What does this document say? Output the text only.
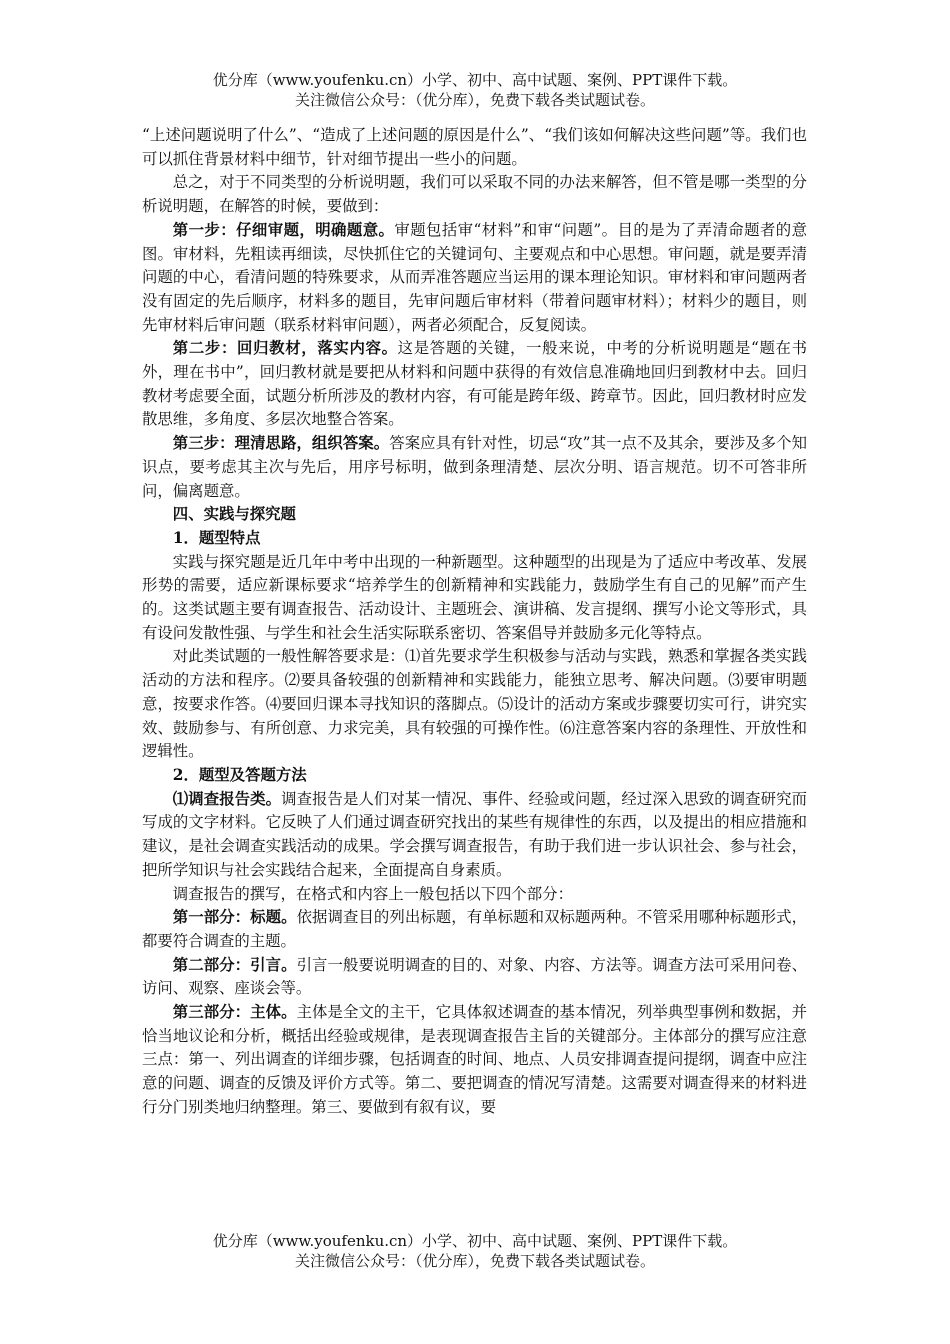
优分库（www.youfenku.cn）小学、初中、高中试题、案例、PPT课件下载。
关注微信公众号：（优分库），免费下载各类试题试卷。

“上述问题说明了什么”、“造成了上述问题的原因是什么”、“我们该如何解决这些问题”等。我们也可以抓住背景材料中细节，针对细节提出一些小的问题。

总之，对于不同类型的分析说明题，我们可以采取不同的办法来解答，但不管是哪一类型的分析说明题，在解答的时候，要做到：

第一步：仔细审题，明确题意。审题包括审“材料”和审“问题”。目的是为了弄清命题者的意图。审材料，先粗读再细读，尽快抓住它的关键词句、主要观点和中心思想。审问题，就是要弄清问题的中心，看清问题的特殊要求，从而弄准答题应当运用的课本理论知识。审材料和审问题两者没有固定的先后顺序，材料多的题目，先审问题后审材料（带着问题审材料）；材料少的题目，则先审材料后审问题（联系材料审问题），两者必须配合，反复阅读。

第二步：回归教材，落实内容。这是答题的关键，一般来说，中考的分析说明题是“题在书外，理在书中”，回归教材就是要把从材料和问题中获得的有效信息准确地回归到教材中去。回归教材考虑要全面，试题分析所涉及的教材内容，有可能是跨年级、跨章节。因此，回归教材时应发散思维，多角度、多层次地整合答案。

第三步：理清思路，组织答案。答案应具有针对性，切忌“攻”其一点不及其余，要涉及多个知识点，要考虑其主次与先后，用序号标明，做到条理清楚、层次分明、语言规范。切不可答非所问，偏离题意。

四、实践与探究题

1．题型特点

实践与探究题是近几年中考中出现的一种新题型。这种题型的出现是为了适应中考改革、发展形势的需要，适应新课标要求“培养学生的创新精神和实践能力，鼓励学生有自己的见解”而产生的。这类试题主要有调查报告、活动设计、主题班会、演讲稿、发言提纲、撰写小论文等形式，具有设问发散性强、与学生和社会生活实际联系密切、答案倡导并鼓励多元化等特点。

对此类试题的一般性解答要求是：⑴首先要求学生积极参与活动与实践，熟悉和掌握各类实践活动的方法和程序。⑵要具备较强的创新精神和实践能力，能独立思考、解决问题。⑶要审明题意，按要求作答。⑷要回归课本寻找知识的落脚点。⑸设计的活动方案或步骤要切实可行，讲究实效、鼓励参与、有所创意、力求完美，具有较强的可操作性。⑹注意答案内容的条理性、开放性和逻辑性。

2．题型及答题方法

⑴调查报告类。调查报告是人们对某一情况、事件、经验或问题，经过深入思致的调查研究而写成的文字材料。它反映了人们通过调查研究找出的某些有规律性的东西，以及提出的相应措施和建议，是社会调查实践活动的成果。学会撰写调查报告，有助于我们进一步认识社会、参与社会，把所学知识与社会实践结合起来，全面提高自身素质。

调查报告的撰写，在格式和内容上一般包括以下四个部分：

第一部分：标题。依据调查目的列出标题，有单标题和双标题两种。不管采用哪种标题形式，都要符合调查的主题。

第二部分：引言。引言一般要说明调查的目的、对象、内容、方法等。调查方法可采用问卷、访问、观察、座谈会等。

第三部分：主体。主体是全文的主干，它具体叙述调查的基本情况，列举典型事例和数据，并恰当地议论和分析，概括出经验或规律，是表现调查报告主旨的关键部分。主体部分的撰写应注意三点：第一、列出调查的详细步骤，包括调查的时间、地点、人员安排调查提问提纲，调查中应注意的问题、调查的反馈及评价方式等。第二、要把调查的情况写清楚。这需要对调查得来的材料进行分门别类地归纳整理。第三、要做到有叙有议，要

优分库（www.youfenku.cn）小学、初中、高中试题、案例、PPT课件下载。
关注微信公众号：（优分库），免费下载各类试题试卷。
